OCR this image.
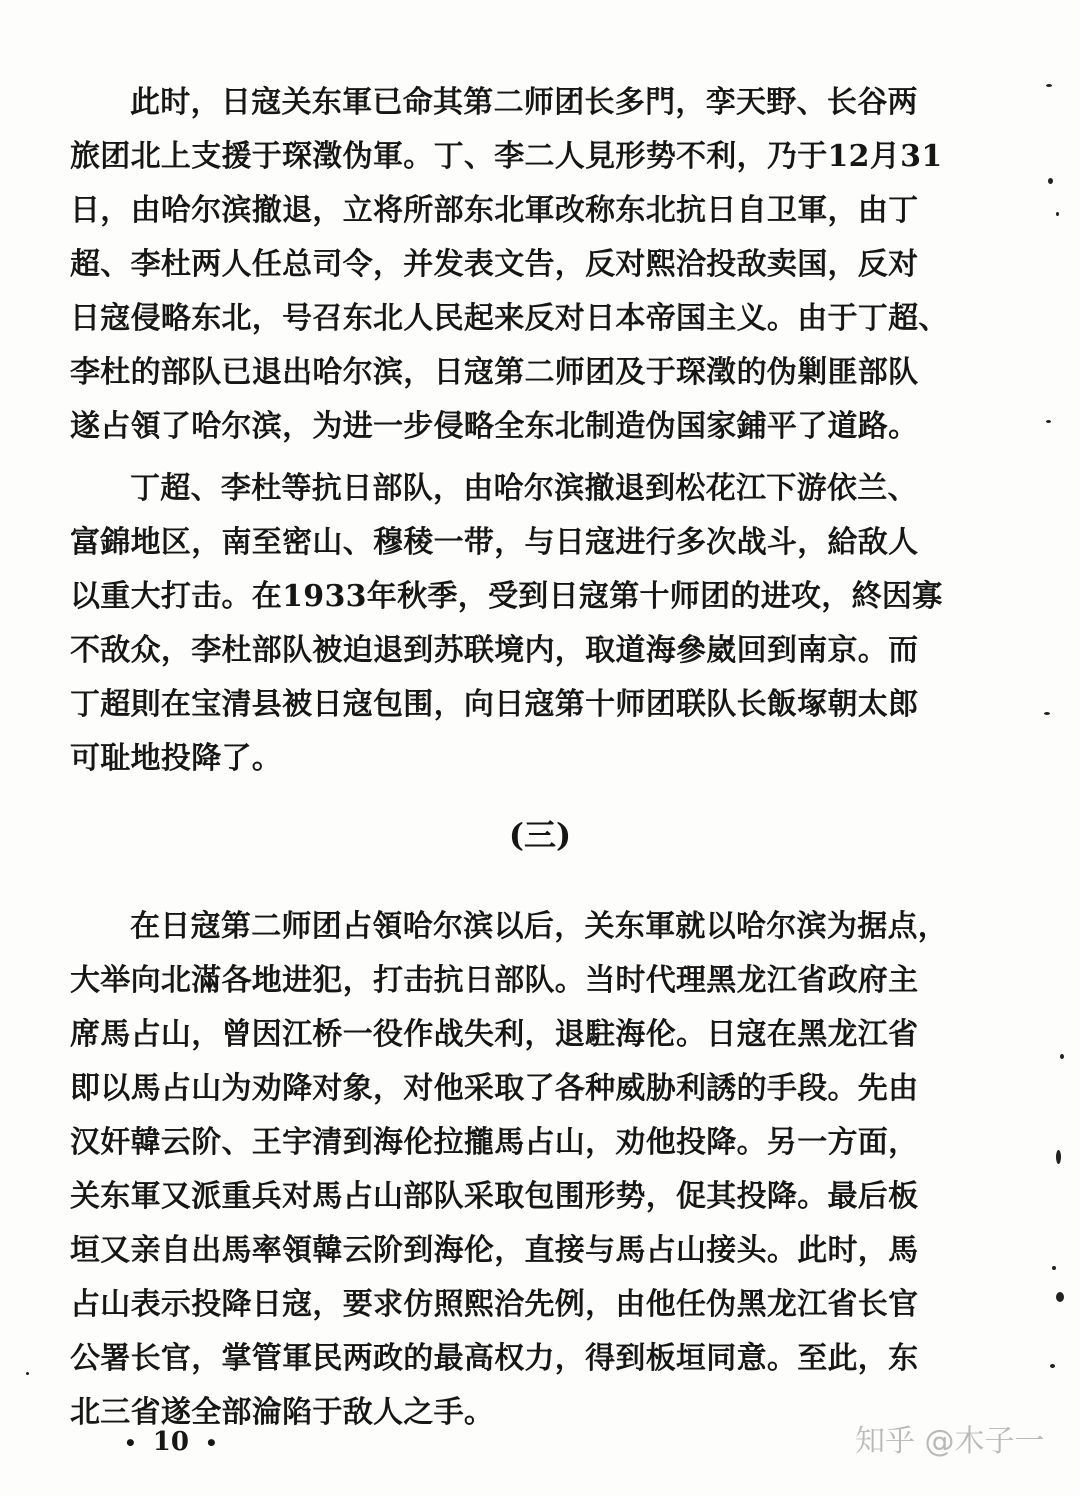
此时，日寇关东軍已命其第二师团长多門，孪天野、长谷两
旅团北上支援于琛澂伪軍。丁、李二人見形势不利，乃于12月31
日，由哈尔滨撤退，立将所部东北軍改称东北抗日自卫軍，由丁
超、李杜两人任总司令，并发表文告，反对熙洽投敌卖国，反对
日寇侵略东北，号召东北人民起来反对日本帝国主义。由于丁超、
李杜的部队已退出哈尔滨，日寇第二师团及于琛澂的伪剿匪部队
遂占領了哈尔滨，为进一步侵略全东北制造伪国家鋪平了道路。
丁超、李杜等抗日部队，由哈尔滨撤退到松花江下游依兰、
富錦地区，南至密山、穆稜一带，与日寇进行多次战斗，給敌人
以重大打击。在1933年秋季，受到日寇第十师团的进攻，終因寡
不敌众，李杜部队被迫退到苏联境内，取道海參崴回到南京。而
丁超則在宝清县被日寇包围，向日寇第十师团联队长飯塚朝太郎
可耻地投降了。
(三)
在日寇第二师团占領哈尔滨以后，关东軍就以哈尔滨为据点，
大举向北滿各地进犯，打击抗日部队。当时代理黑龙江省政府主
席馬占山，曾因江桥一役作战失利，退駐海伦。日寇在黑龙江省
即以馬占山为劝降对象，对他采取了各种威胁利誘的手段。先由
汉奸韓云阶、王宇清到海伦拉攏馬占山，劝他投降。另一方面，
关东軍又派重兵对馬占山部队采取包围形势，促其投降。最后板
垣又亲自出馬率領韓云阶到海伦，直接与馬占山接头。此时，馬
占山表示投降日寇，要求仿照熙洽先例，由他任伪黑龙江省长官
公署长官，掌管軍民两政的最高权力，得到板垣同意。至此，东
北三省遂全部淪陷于敌人之手。
• 10 •	知乎 @木子一
